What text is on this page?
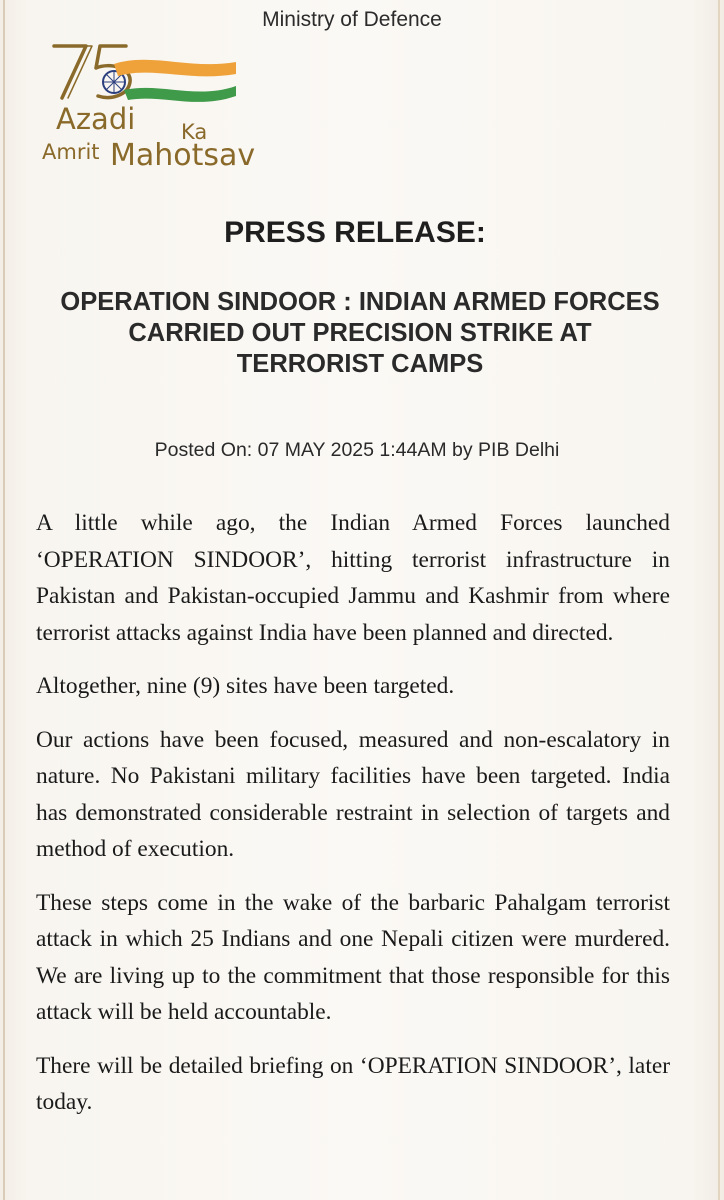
Ministry of Defence
Azadi Ka
Amrit Mahotsav
PRESS RELEASE:
OPERATION SINDOOR : INDIAN ARMED FORCES CARRIED OUT PRECISION STRIKE AT TERRORIST CAMPS
Posted On: 07 MAY 2025 1:44AM by PIB Delhi

A little while ago, the Indian Armed Forces launched ‘OPERATION SINDOOR’, hitting terrorist infrastructure in Pakistan and Pakistan-occupied Jammu and Kashmir from where terrorist attacks against India have been planned and directed.

Altogether, nine (9) sites have been targeted.

Our actions have been focused, measured and non-escalatory in nature. No Pakistani military facilities have been targeted. India has demonstrated considerable restraint in selection of targets and method of execution.

These steps come in the wake of the barbaric Pahalgam terrorist attack in which 25 Indians and one Nepali citizen were murdered. We are living up to the commitment that those responsible for this attack will be held accountable.

There will be detailed briefing on ‘OPERATION SINDOOR’, later today.
